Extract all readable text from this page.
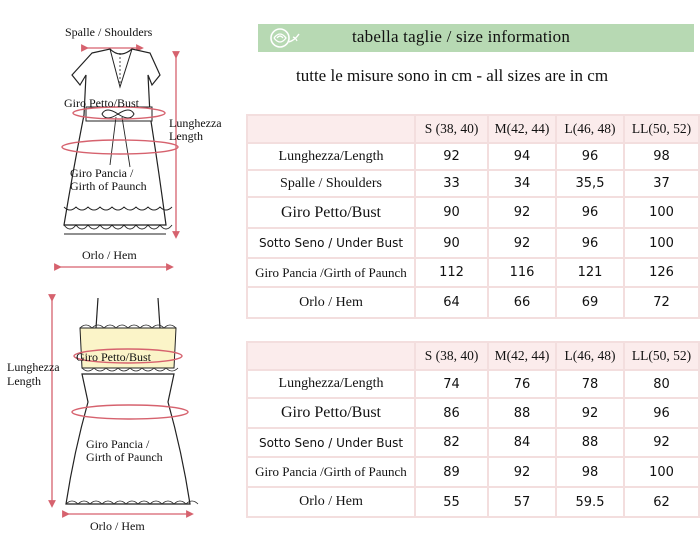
tabella taglie / size information
tutte le misure sono in cm - all sizes are in cm
	S (38, 40)	M(42, 44)	L(46, 48)	LL(50, 52)
Lunghezza/Length	92	94	96	98
Spalle / Shoulders	33	34	35,5	37
Giro Petto/Bust	90	92	96	100
Sotto Seno / Under Bust	90	92	96	100
Giro Pancia /Girth of Paunch	112	116	121	126
Orlo / Hem	64	66	69	72
	S (38, 40)	M(42, 44)	L(46, 48)	LL(50, 52)
Lunghezza/Length	74	76	78	80
Giro Petto/Bust	86	88	92	96
Sotto Seno / Under Bust	82	84	88	92
Giro Pancia /Girth of Paunch	89	92	98	100
Orlo / Hem	55	57	59.5	62
Spalle / Shoulders
Giro Petto/Bust
Lunghezza
Length
Giro Pancia /
Girth of Paunch
Orlo / Hem
Lunghezza
Length
Giro Petto/Bust
Giro Pancia /
Girth of Paunch
Orlo / Hem
